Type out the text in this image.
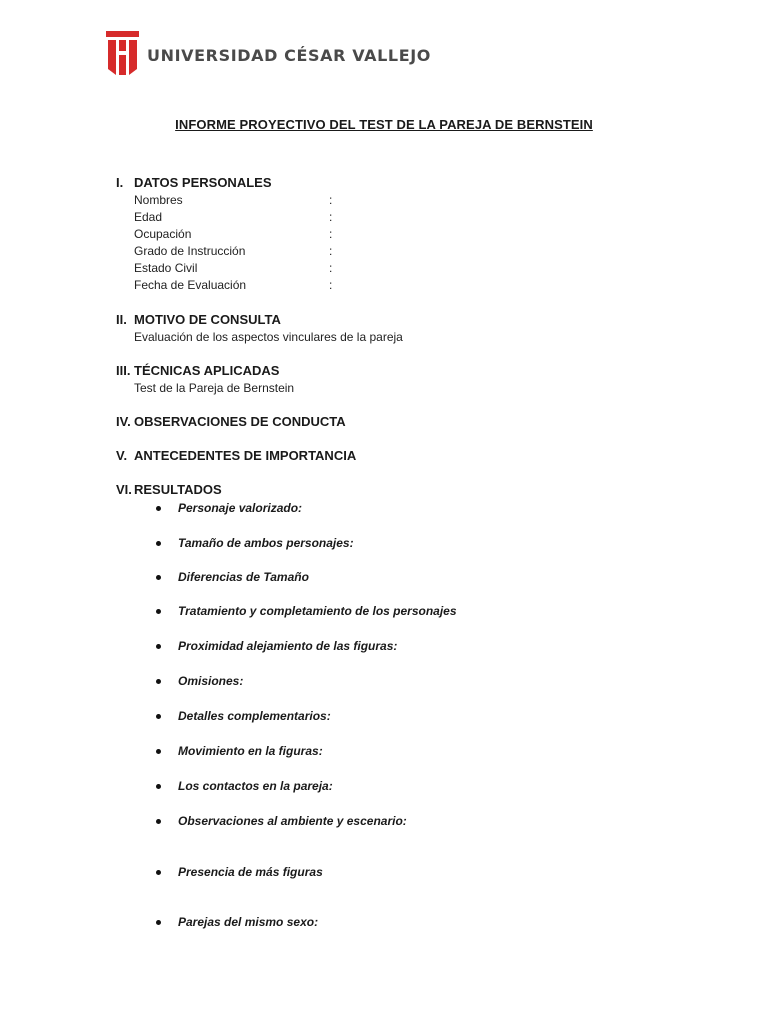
UNIVERSIDAD CÉSAR VALLEJO
INFORME PROYECTIVO DEL TEST DE LA PAREJA DE BERNSTEIN
I. DATOS PERSONALES
Nombres	:
Edad	:
Ocupación	:
Grado de Instrucción	:
Estado Civil	:
Fecha de Evaluación	:
II. MOTIVO DE CONSULTA
Evaluación de los aspectos vinculares de la pareja
III. TÉCNICAS APLICADAS
Test de la Pareja de Bernstein
IV. OBSERVACIONES DE CONDUCTA
V. ANTECEDENTES DE IMPORTANCIA
VI. RESULTADOS
Personaje valorizado:
Tamaño de ambos personajes:
Diferencias de Tamaño
Tratamiento y completamiento de los personajes
Proximidad alejamiento de las figuras:
Omisiones:
Detalles complementarios:
Movimiento en la figuras:
Los contactos en la pareja:
Observaciones al ambiente y escenario:
Presencia de más figuras
Parejas del mismo sexo:
